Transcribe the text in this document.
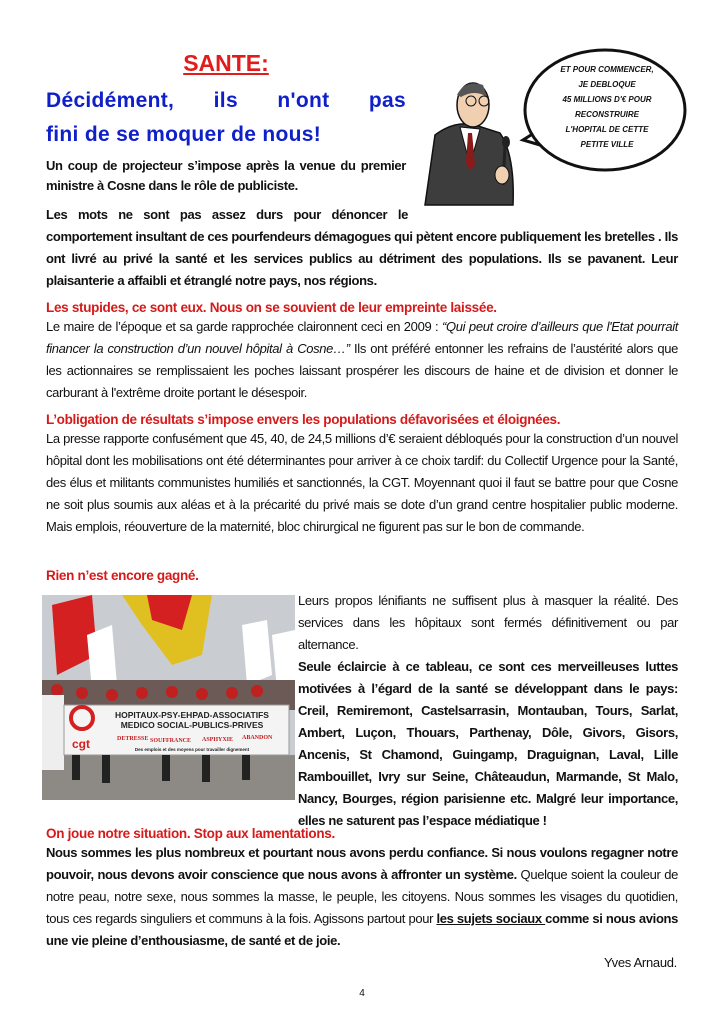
SANTE:
Décidément, ils n'ont pas
fini de se moquer de nous!
ET POUR COMMENCER,
JE DEBLOQUE
45 MILLIONS D'€ POUR
RECONSTRUIRE
L'HOPITAL DE CETTE
PETITE VILLE

Un coup de projecteur s’impose après la venue du premier ministre à Cosne dans le rôle de publiciste.

Les mots ne sont pas assez durs pour dénoncer le comportement insultant de ces pourfendeurs démagogues qui pètent encore publiquement les bretelles . Ils ont livré au privé la santé et les services publics au détriment des populations. Ils se pavanent. Leur plaisanterie a affaibli et étranglé notre pays, nos régions.

Les stupides, ce sont eux. Nous on se souvient de leur empreinte laissée.

Le maire de l’époque et sa garde rapprochée claironnent ceci en 2009 : “Qui peut croire d’ailleurs que l'Etat pourrait financer la construction d’un nouvel hôpital à Cosne…” Ils ont préféré entonner les refrains de l’austérité alors que les actionnaires se remplissaient les poches laissant prospérer les discours de haine et de division et donner le carburant à l'extrême droite portant le désespoir.

L’obligation de résultats s’impose envers les populations défavorisées et éloignées.

La presse rapporte confusément que 45, 40, de 24,5 millions d’€ seraient débloqués pour la construction d’un nouvel hôpital dont les mobilisations ont été déterminantes pour arriver à ce choix tardif: du Collectif Urgence pour la Santé, des élus et militants communistes humiliés et sanctionnés, la CGT. Moyennant quoi il faut se battre pour que Cosne ne soit plus soumis aux aléas et à la précarité du privé mais se dote d’un grand centre hospitalier public moderne. Mais emplois, réouverture de la maternité, bloc chirurgical ne figurent pas sur le bon de commande.

Rien n’est encore gagné.
cgt
HOPITAUX-PSY-EHPAD-ASSOCIATIFS
MEDICO SOCIAL-PUBLICS-PRIVES
DETRESSE SOUFFRANCE ASPHYXIE ABANDON
Des emplois et des moyens pour travailler dignement

Leurs propos lénifiants ne suffisent plus à masquer la réalité. Des services dans les hôpitaux sont fermés définitivement ou par alternance.

Seule éclaircie à ce tableau, ce sont ces merveilleuses luttes motivées à l’égard de la santé se développant dans le pays: Creil, Remiremont, Castelsarrasin, Montauban, Tours, Sarlat, Ambert, Luçon, Thouars, Parthenay, Dôle, Givors, Gisors, Ancenis, St Chamond, Guingamp, Draguignan, Laval, Lille Rambouillet, Ivry sur Seine, Châteaudun, Marmande, St Malo, Nancy, Bourges, région parisienne etc. Malgré leur importance, elles ne saturent pas l’espace médiatique !

On joue notre situation. Stop aux lamentations.

Nous sommes les plus nombreux et pourtant nous avons perdu confiance. Si nous voulons regagner notre pouvoir, nous devons avoir conscience que nous avons à affronter un système. Quelque soient la couleur de notre peau, notre sexe, nous sommes la masse, le peuple, les citoyens. Nous sommes les visages du quotidien, tous ces regards singuliers et communs à la fois. Agissons partout pour les sujets sociaux comme si nous avions une vie pleine d’enthousiasme, de santé et de joie.

Yves Arnaud.
4
